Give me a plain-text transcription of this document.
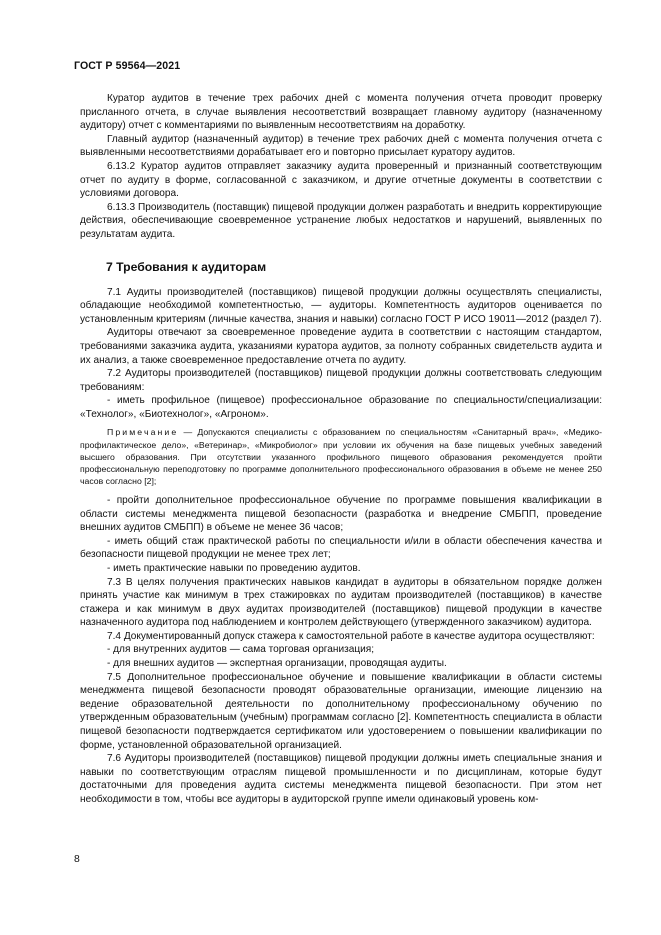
ГОСТ Р 59564—2021

Куратор аудитов в течение трех рабочих дней с момента получения отчета проводит проверку присланного отчета, в случае выявления несоответствий возвращает главному аудитору (назначенному аудитору) отчет с комментариями по выявленным несоответствиям на доработку.

Главный аудитор (назначенный аудитор) в течение трех рабочих дней с момента получения отчета с выявленными несоответствиями дорабатывает его и повторно присылает куратору аудитов.

6.13.2 Куратор аудитов отправляет заказчику аудита проверенный и признанный соответствующим отчет по аудиту в форме, согласованной с заказчиком, и другие отчетные документы в соответствии с условиями договора.

6.13.3 Производитель (поставщик) пищевой продукции должен разработать и внедрить корректирующие действия, обеспечивающие своевременное устранение любых недостатков и нарушений, выявленных по результатам аудита.

7 Требования к аудиторам

7.1 Аудиты производителей (поставщиков) пищевой продукции должны осуществлять специалисты, обладающие необходимой компетентностью, — аудиторы. Компетентность аудиторов оценивается по установленным критериям (личные качества, знания и навыки) согласно ГОСТ Р ИСО 19011—2012 (раздел 7).

Аудиторы отвечают за своевременное проведение аудита в соответствии с настоящим стандартом, требованиями заказчика аудита, указаниями куратора аудитов, за полноту собранных свидетельств аудита и их анализ, а также своевременное предоставление отчета по аудиту.

7.2 Аудиторы производителей (поставщиков) пищевой продукции должны соответствовать следующим требованиям:

- иметь профильное (пищевое) профессиональное образование по специальности/специализации: «Технолог», «Биотехнолог», «Агроном».

Примечание — Допускаются специалисты с образованием по специальностям «Санитарный врач», «Медико-профилактическое дело», «Ветеринар», «Микробиолог» при условии их обучения на базе пищевых учебных заведений высшего образования. При отсутствии указанного профильного пищевого образования рекомендуется пройти профессиональную переподготовку по программе дополнительного профессионального образования в объеме не менее 250 часов согласно [2];

- пройти дополнительное профессиональное обучение по программе повышения квалификации в области системы менеджмента пищевой безопасности (разработка и внедрение СМБПП, проведение внешних аудитов СМБПП) в объеме не менее 36 часов;

- иметь общий стаж практической работы по специальности и/или в области обеспечения качества и безопасности пищевой продукции не менее трех лет;

- иметь практические навыки по проведению аудитов.

7.3 В целях получения практических навыков кандидат в аудиторы в обязательном порядке должен принять участие как минимум в трех стажировках по аудитам производителей (поставщиков) в качестве стажера и как минимум в двух аудитах производителей (поставщиков) пищевой продукции в качестве назначенного аудитора под наблюдением и контролем действующего (утвержденного заказчиком) аудитора.

7.4 Документированный допуск стажера к самостоятельной работе в качестве аудитора осуществляют:

- для внутренних аудитов — сама торговая организация;

- для внешних аудитов — экспертная организации, проводящая аудиты.

7.5 Дополнительное профессиональное обучение и повышение квалификации в области системы менеджмента пищевой безопасности проводят образовательные организации, имеющие лицензию на ведение образовательной деятельности по дополнительному профессиональному обучению по утвержденным образовательным (учебным) программам согласно [2]. Компетентность специалиста в области пищевой безопасности подтверждается сертификатом или удостоверением о повышении квалификации по форме, установленной образовательной организацией.

7.6 Аудиторы производителей (поставщиков) пищевой продукции должны иметь специальные знания и навыки по соответствующим отраслям пищевой промышленности и по дисциплинам, которые будут достаточными для проведения аудита системы менеджмента пищевой безопасности. При этом нет необходимости в том, чтобы все аудиторы в аудиторской группе имели одинаковый уровень ком-

8
